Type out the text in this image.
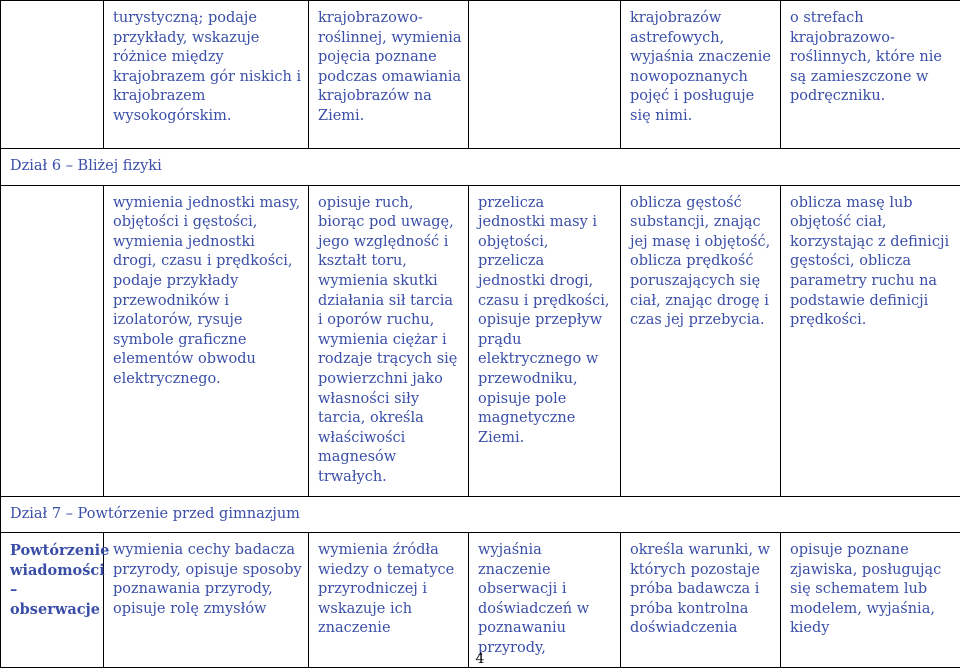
	turystyczną; podaje przykłady, wskazuje różnice między krajobrazem gór niskich i krajobrazem wysokogórskim.	krajobrazowo-roślinnej, wymienia pojęcia poznane podczas omawiania krajobrazów na Ziemi.		krajobrazów astrefowych, wyjaśnia znaczenie nowopoznanych pojęć i posługuje się nimi.	o strefach krajobrazowo-roślinnych, które nie są zamieszczone w podręczniku.
Dział 6 – Bliżej fizyki					
	wymienia jednostki masy, objętości i gęstości, wymienia jednostki drogi, czasu i prędkości, podaje przykłady przewodników i izolatorów, rysuje symbole graficzne elementów obwodu elektrycznego.	opisuje ruch, biorąc pod uwagę, jego względność i kształt toru, wymienia skutki działania sił tarcia i oporów ruchu, wymienia ciężar i rodzaje trących się powierzchni jako własności siły tarcia, określa właściwości magnesów trwałych.	przelicza jednostki masy i objętości, przelicza jednostki drogi, czasu i prędkości, opisuje przepływ prądu elektrycznego w przewodniku, opisuje pole magnetyczne Ziemi.	oblicza gęstość substancji, znając jej masę i objętość, oblicza prędkość poruszających się ciał, znając drogę i czas jej przebycia.	oblicza masę lub objętość ciał, korzystając z definicji gęstości, oblicza parametry ruchu na podstawie definicji prędkości.
Dział 7 – Powtórzenie przed gimnazjum					
Powtórzenie wiadomości – obserwacje	wymienia cechy badacza przyrody, opisuje sposoby poznawania przyrody, opisuje rolę zmysłów	wymienia źródła wiedzy o tematyce przyrodniczej i wskazuje ich znaczenie	wyjaśnia znaczenie obserwacji i doświadczeń w poznawaniu przyrody,	określa warunki, w których pozostaje próba badawcza i próba kontrolna doświadczenia	opisuje poznane zjawiska, posługując się schematem lub modelem, wyjaśnia, kiedy
4
